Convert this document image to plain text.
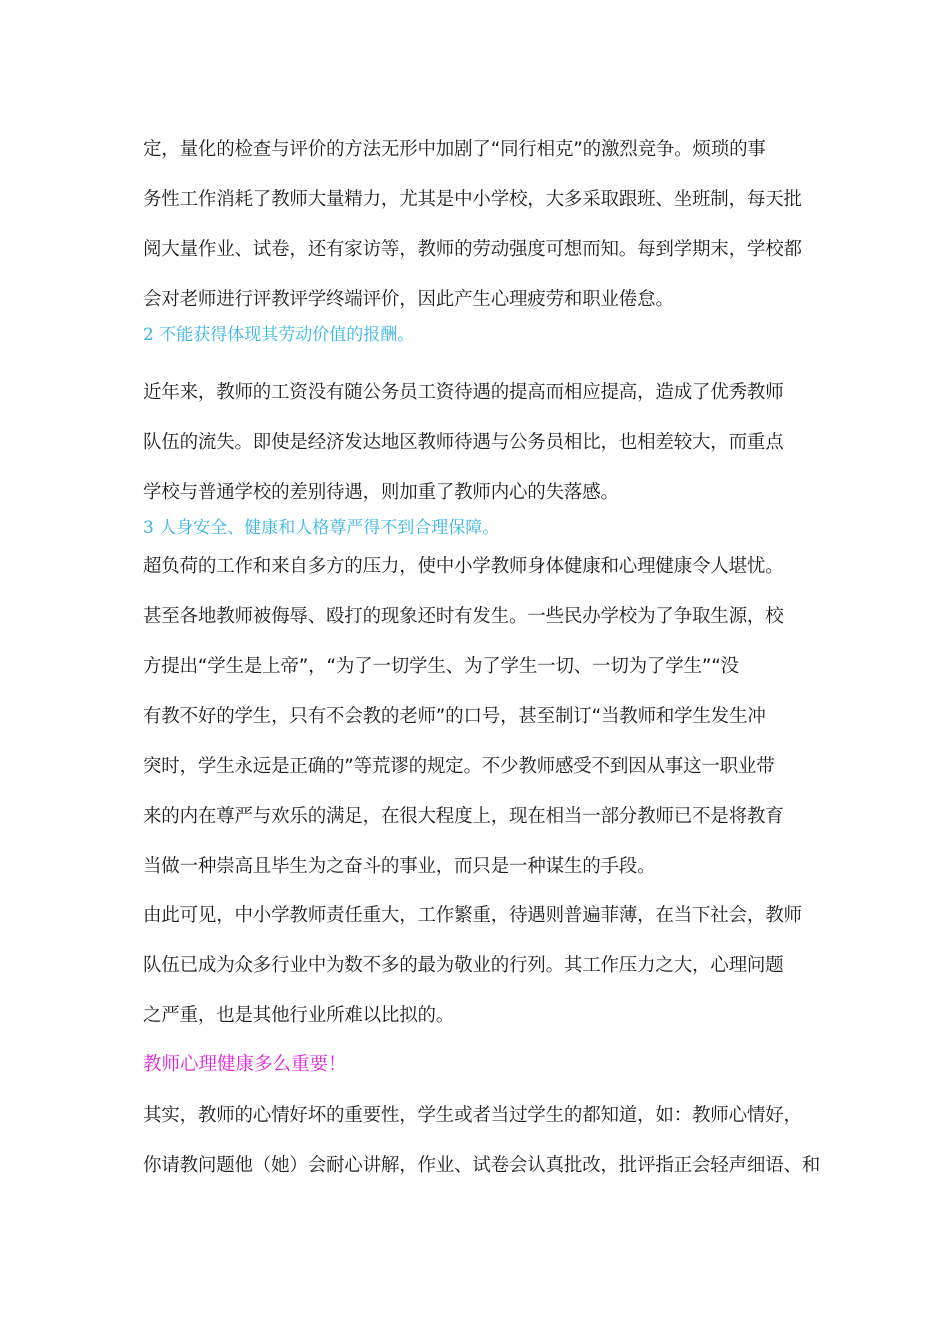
定，量化的检查与评价的方法无形中加剧了“同行相克”的激烈竞争。烦琐的事
务性工作消耗了教师大量精力，尤其是中小学校，大多采取跟班、坐班制，每天批
阅大量作业、试卷，还有家访等，教师的劳动强度可想而知。每到学期末，学校都
会对老师进行评教评学终端评价，因此产生心理疲劳和职业倦怠。
2 不能获得体现其劳动价值的报酬。
近年来，教师的工资没有随公务员工资待遇的提高而相应提高，造成了优秀教师
队伍的流失。即使是经济发达地区教师待遇与公务员相比，也相差较大，而重点
学校与普通学校的差别待遇，则加重了教师内心的失落感。
3 人身安全、健康和人格尊严得不到合理保障。
超负荷的工作和来自多方的压力，使中小学教师身体健康和心理健康令人堪忧。
甚至各地教师被侮辱、殴打的现象还时有发生。一些民办学校为了争取生源，校
方提出“学生是上帝”，“为了一切学生、为了学生一切、一切为了学生”“没
有教不好的学生，只有不会教的老师”的口号，甚至制订“当教师和学生发生冲
突时，学生永远是正确的”等荒谬的规定。不少教师感受不到因从事这一职业带
来的内在尊严与欢乐的满足，在很大程度上，现在相当一部分教师已不是将教育
当做一种崇高且毕生为之奋斗的事业，而只是一种谋生的手段。
由此可见，中小学教师责任重大，工作繁重，待遇则普遍菲薄，在当下社会，教师
队伍已成为众多行业中为数不多的最为敬业的行列。其工作压力之大，心理问题
之严重，也是其他行业所难以比拟的。
教师心理健康多么重要！
其实，教师的心情好坏的重要性，学生或者当过学生的都知道，如：教师心情好，
你请教问题他（她）会耐心讲解，作业、试卷会认真批改，批评指正会轻声细语、和
